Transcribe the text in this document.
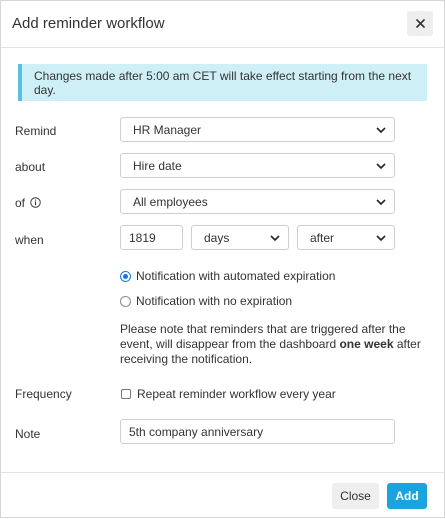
Add reminder workflow
Changes made after 5:00 am CET will take effect starting from the next day.
Remind	HR Manager
about	Hire date
of	All employees
when	1819	days	after
Notification with automated expiration
Notification with no expiration
Please note that reminders that are triggered after the event, will disappear from the dashboard one week after receiving the notification.
Frequency	Repeat reminder workflow every year
Note	5th company anniversary
Close	Add
